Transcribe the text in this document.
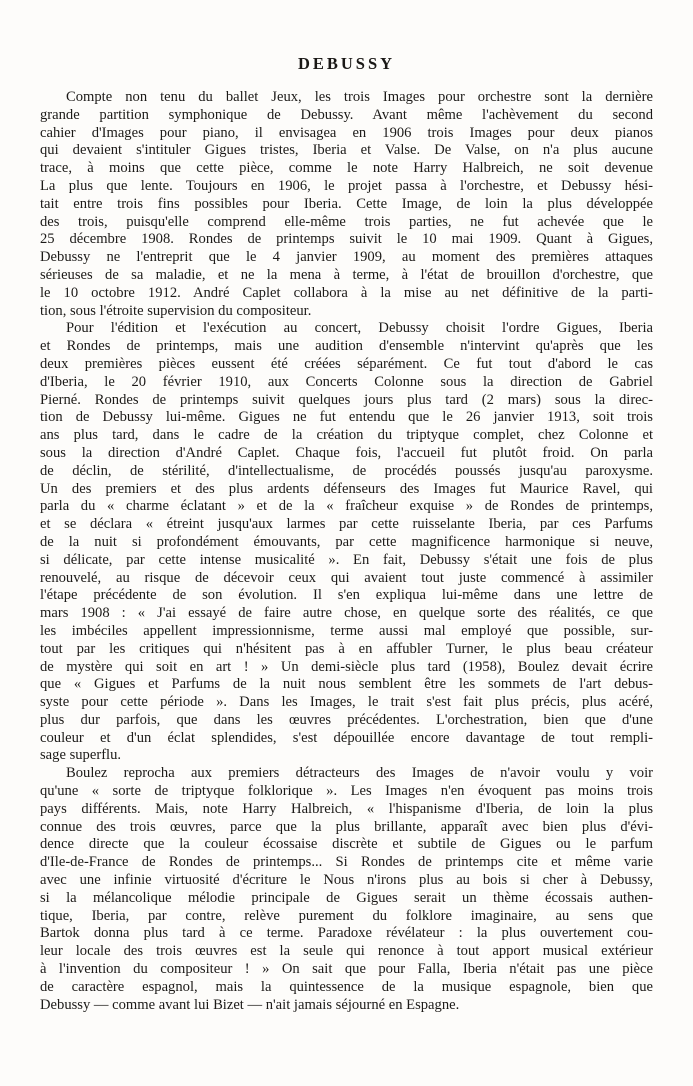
DEBUSSY
Compte non tenu du ballet Jeux, les trois Images pour orchestre sont la dernière
grande partition symphonique de Debussy. Avant même l'achèvement du second
cahier d'Images pour piano, il envisagea en 1906 trois Images pour deux pianos
qui devaient s'intituler Gigues tristes, Iberia et Valse. De Valse, on n'a plus aucune
trace, à moins que cette pièce, comme le note Harry Halbreich, ne soit devenue
La plus que lente. Toujours en 1906, le projet passa à l'orchestre, et Debussy hési-
tait entre trois fins possibles pour Iberia. Cette Image, de loin la plus développée
des trois, puisqu'elle comprend elle-même trois parties, ne fut achevée que le
25 décembre 1908. Rondes de printemps suivit le 10 mai 1909. Quant à Gigues,
Debussy ne l'entreprit que le 4 janvier 1909, au moment des premières attaques
sérieuses de sa maladie, et ne la mena à terme, à l'état de brouillon d'orchestre, que
le 10 octobre 1912. André Caplet collabora à la mise au net définitive de la parti-
tion, sous l'étroite supervision du compositeur.
Pour l'édition et l'exécution au concert, Debussy choisit l'ordre Gigues, Iberia
et Rondes de printemps, mais une audition d'ensemble n'intervint qu'après que les
deux premières pièces eussent été créées séparément. Ce fut tout d'abord le cas
d'Iberia, le 20 février 1910, aux Concerts Colonne sous la direction de Gabriel
Pierné. Rondes de printemps suivit quelques jours plus tard (2 mars) sous la direc-
tion de Debussy lui-même. Gigues ne fut entendu que le 26 janvier 1913, soit trois
ans plus tard, dans le cadre de la création du triptyque complet, chez Colonne et
sous la direction d'André Caplet. Chaque fois, l'accueil fut plutôt froid. On parla
de déclin, de stérilité, d'intellectualisme, de procédés poussés jusqu'au paroxysme.
Un des premiers et des plus ardents défenseurs des Images fut Maurice Ravel, qui
parla du « charme éclatant » et de la « fraîcheur exquise » de Rondes de printemps,
et se déclara « étreint jusqu'aux larmes par cette ruisselante Iberia, par ces Parfums
de la nuit si profondément émouvants, par cette magnificence harmonique si neuve,
si délicate, par cette intense musicalité ». En fait, Debussy s'était une fois de plus
renouvelé, au risque de décevoir ceux qui avaient tout juste commencé à assimiler
l'étape précédente de son évolution. Il s'en expliqua lui-même dans une lettre de
mars 1908 : « J'ai essayé de faire autre chose, en quelque sorte des réalités, ce que
les imbéciles appellent impressionnisme, terme aussi mal employé que possible, sur-
tout par les critiques qui n'hésitent pas à en affubler Turner, le plus beau créateur
de mystère qui soit en art ! » Un demi-siècle plus tard (1958), Boulez devait écrire
que « Gigues et Parfums de la nuit nous semblent être les sommets de l'art debus-
syste pour cette période ». Dans les Images, le trait s'est fait plus précis, plus acéré,
plus dur parfois, que dans les œuvres précédentes. L'orchestration, bien que d'une
couleur et d'un éclat splendides, s'est dépouillée encore davantage de tout rempli-
sage superflu.
Boulez reprocha aux premiers détracteurs des Images de n'avoir voulu y voir
qu'une « sorte de triptyque folklorique ». Les Images n'en évoquent pas moins trois
pays différents. Mais, note Harry Halbreich, « l'hispanisme d'Iberia, de loin la plus
connue des trois œuvres, parce que la plus brillante, apparaît avec bien plus d'évi-
dence directe que la couleur écossaise discrète et subtile de Gigues ou le parfum
d'Ile-de-France de Rondes de printemps... Si Rondes de printemps cite et même varie
avec une infinie virtuosité d'écriture le Nous n'irons plus au bois si cher à Debussy,
si la mélancolique mélodie principale de Gigues serait un thème écossais authen-
tique, Iberia, par contre, relève purement du folklore imaginaire, au sens que
Bartok donna plus tard à ce terme. Paradoxe révélateur : la plus ouvertement cou-
leur locale des trois œuvres est la seule qui renonce à tout apport musical extérieur
à l'invention du compositeur ! » On sait que pour Falla, Iberia n'était pas une pièce
de caractère espagnol, mais la quintessence de la musique espagnole, bien que
Debussy — comme avant lui Bizet — n'ait jamais séjourné en Espagne.
